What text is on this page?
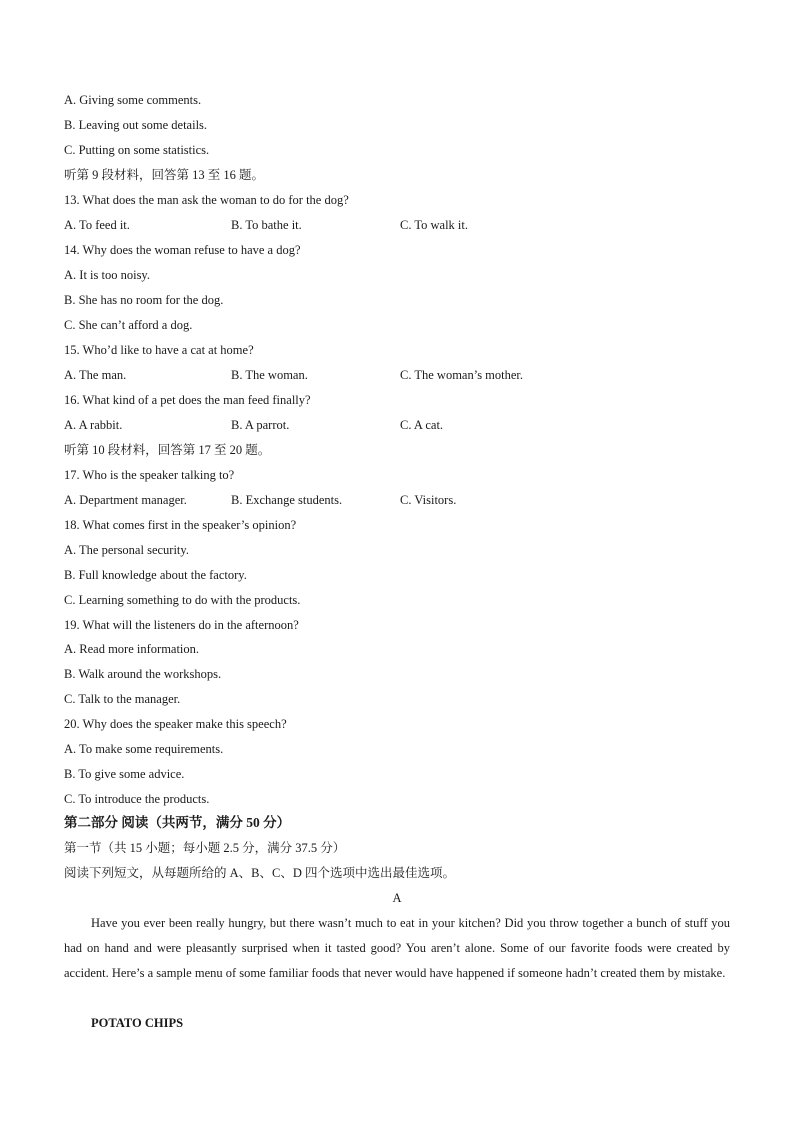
A. Giving some comments.
B. Leaving out some details.
C. Putting on some statistics.
听第 9 段材料，回答第 13 至 16 题。
13. What does the man ask the woman to do for the dog?
A. To feed it.	B. To bathe it.	C. To walk it.
14. Why does the woman refuse to have a dog?
A. It is too noisy.
B. She has no room for the dog.
C. She can’t afford a dog.
15. Who’d like to have a cat at home?
A. The man.	B. The woman.	C. The woman’s mother.
16. What kind of a pet does the man feed finally?
A. A rabbit.	B. A parrot.	C. A cat.
听第 10 段材料，回答第 17 至 20 题。
17. Who is the speaker talking to?
A. Department manager.	B. Exchange students.	C. Visitors.
18. What comes first in the speaker’s opinion?
A. The personal security.
B. Full knowledge about the factory.
C. Learning something to do with the products.
19. What will the listeners do in the afternoon?
A. Read more information.
B. Walk around the workshops.
C. Talk to the manager.
20. Why does the speaker make this speech?
A. To make some requirements.
B. To give some advice.
C. To introduce the products.
第二部分 阅读（共两节，满分 50 分）
第一节（共 15 小题；每小题 2.5 分，满分 37.5 分）
阅读下列短文，从每题所给的 A、B、C、D 四个选项中选出最佳选项。
A
Have you ever been really hungry, but there wasn’t much to eat in your kitchen? Did you throw together a bunch of stuff you had on hand and were pleasantly surprised when it tasted good? You aren’t alone. Some of our favorite foods were created by accident. Here’s a sample menu of some familiar foods that never would have happened if someone hadn’t created them by mistake.
POTATO CHIPS
